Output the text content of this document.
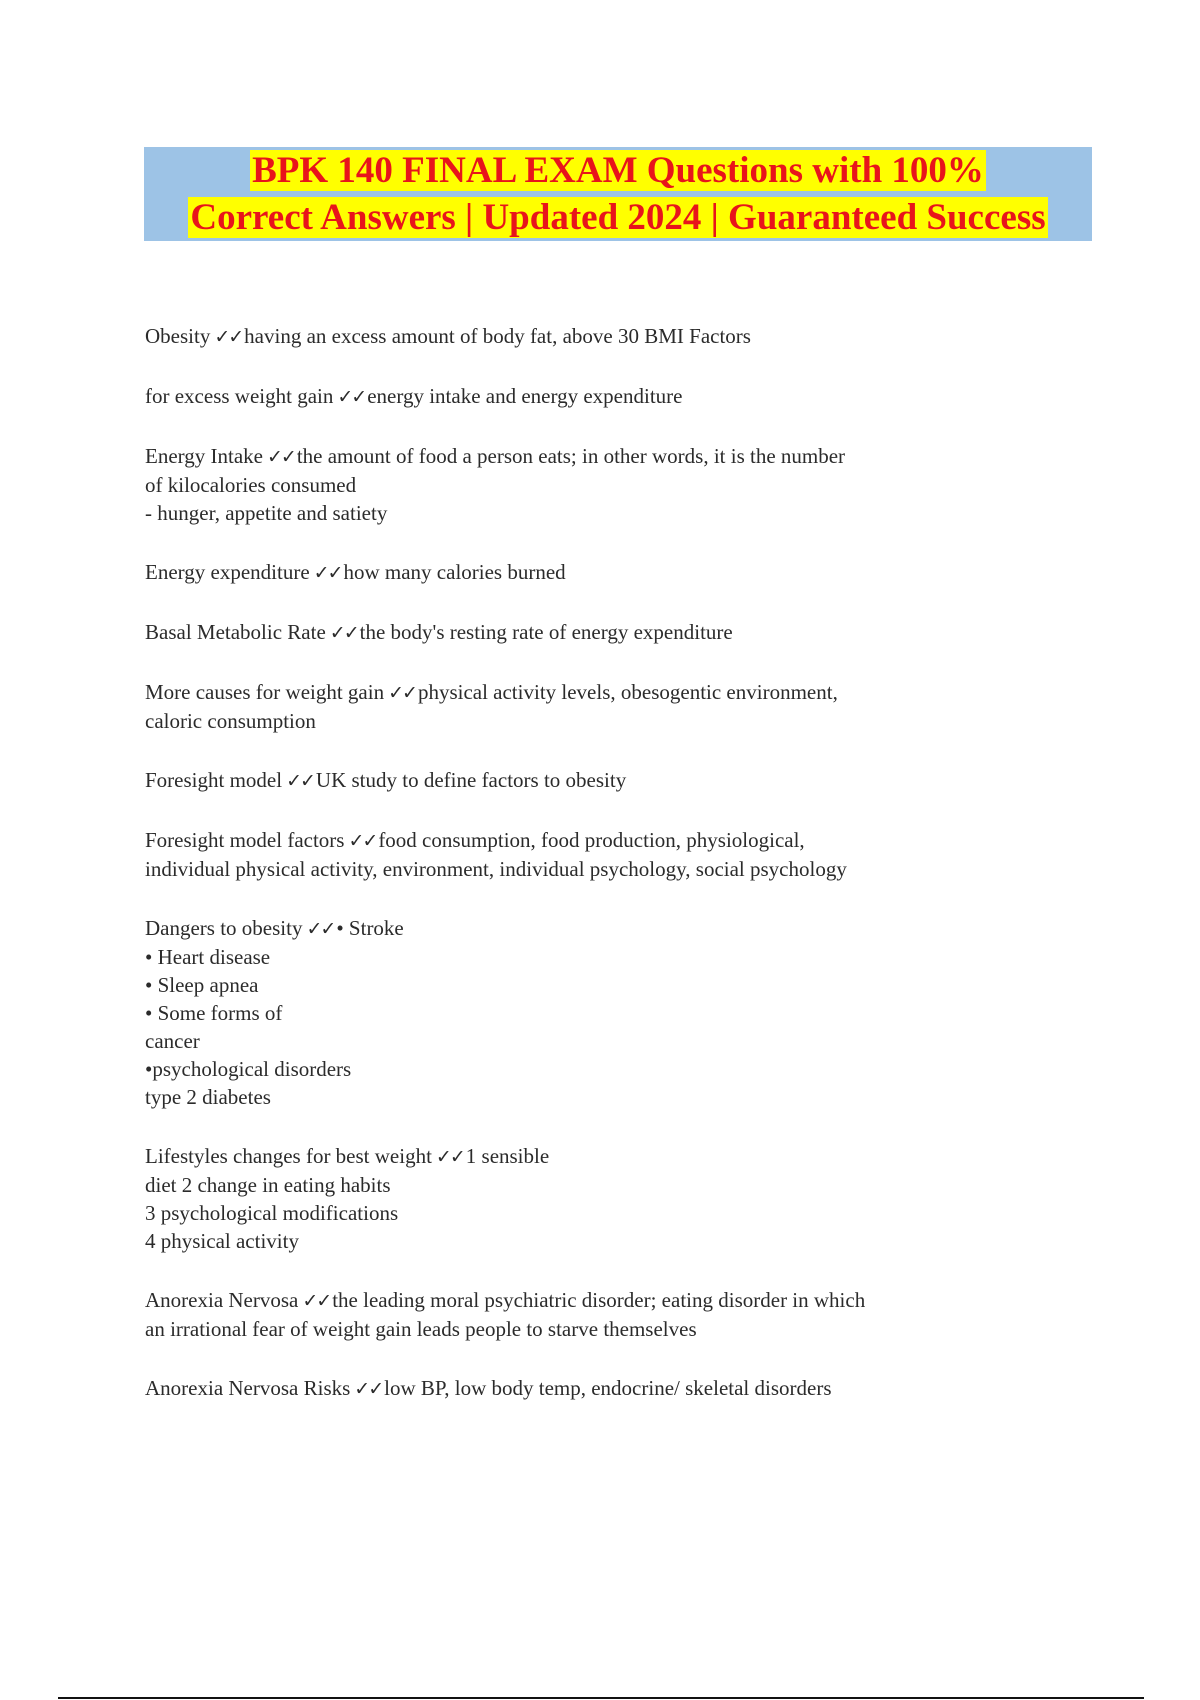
BPK 140 FINAL EXAM Questions with 100%
Correct Answers | Updated 2024 | Guaranteed Success
Obesity ✓✓having an excess amount of body fat, above 30 BMI Factors
for excess weight gain ✓✓energy intake and energy expenditure
Energy Intake ✓✓the amount of food a person eats; in other words, it is the number
of kilocalories consumed
- hunger, appetite and satiety
Energy expenditure ✓✓how many calories burned
Basal Metabolic Rate ✓✓the body's resting rate of energy expenditure
More causes for weight gain ✓✓physical activity levels, obesogentic environment,
caloric consumption
Foresight model ✓✓UK study to define factors to obesity
Foresight model factors ✓✓food consumption, food production, physiological,
individual physical activity, environment, individual psychology, social psychology
Dangers to obesity ✓✓• Stroke
• Heart disease
• Sleep apnea
• Some forms of
cancer
•psychological disorders
type 2 diabetes
Lifestyles changes for best weight ✓✓1 sensible
diet 2 change in eating habits
3 psychological modifications
4 physical activity
Anorexia Nervosa ✓✓the leading moral psychiatric disorder; eating disorder in which
an irrational fear of weight gain leads people to starve themselves
Anorexia Nervosa Risks ✓✓low BP, low body temp, endocrine/ skeletal disorders
